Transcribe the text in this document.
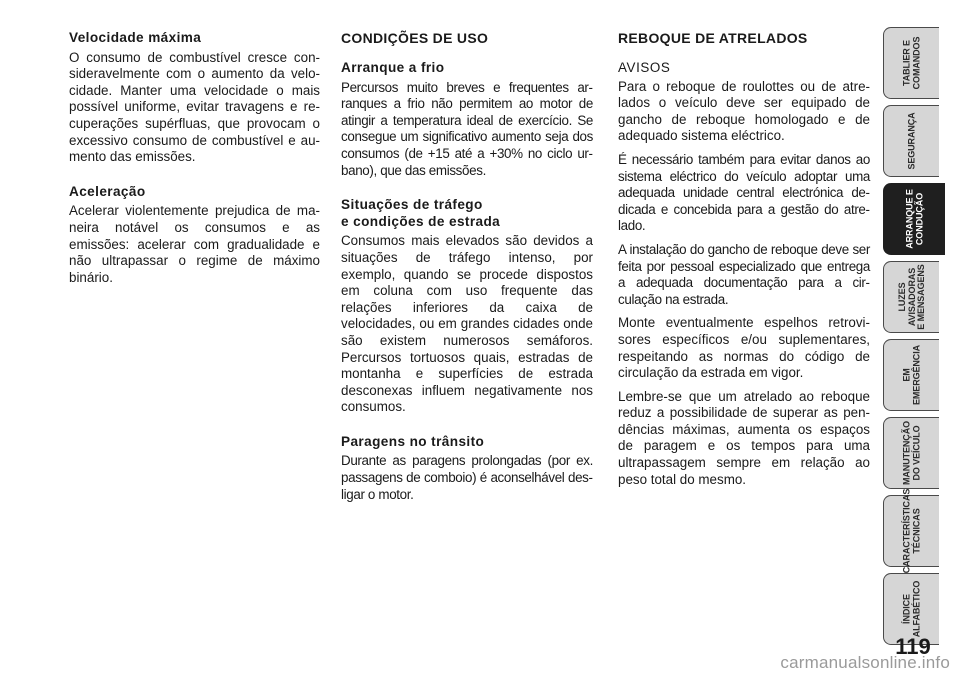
Velocidade máxima

O consumo de combustível cresce consideravelmente com o aumento da velocidade. Manter uma velocidade o mais possível uniforme, evitar travagens e recuperações supérfluas, que provocam o excessivo consumo de combustível e aumento das emissões.

Aceleração

Acelerar violentemente prejudica de maneira notável os consumos e as emissões: acelerar com gradualidade e não ultrapassar o regime de máximo binário.

CONDIÇÕES DE USO
Arranque a frio

Percursos muito breves e frequentes arranques a frio não permitem ao motor de atingir a temperatura ideal de exercício. Se consegue um significativo aumento seja dos consumos (de +15 até a +30% no ciclo urbano), que das emissões.

Situações de tráfego
e condições de estrada

Consumos mais elevados são devidos a situações de tráfego intenso, por exemplo, quando se procede dispostos em coluna com uso frequente das relações inferiores da caixa de velocidades, ou em grandes cidades onde são existem numerosos semáforos. Percursos tortuosos quais, estradas de montanha e superfícies de estrada desconexas influem negativamente nos consumos.

Paragens no trânsito

Durante as paragens prolongadas (por ex. passagens de comboio) é aconselhável desligar o motor.

REBOQUE DE ATRELADOS

AVISOS

Para o reboque de roulottes ou de atrelados o veículo deve ser equipado de gancho de reboque homologado e de adequado sistema eléctrico.

É necessário também para evitar danos ao sistema eléctrico do veículo adoptar uma adequada unidade central electrónica dedicada e concebida para a gestão do atrelado.

A instalação do gancho de reboque deve ser feita por pessoal especializado que entrega a adequada documentação para a circulação na estrada.

Monte eventualmente espelhos retrovisores específicos e/ou suplementares, respeitando as normas do código de circulação da estrada em vigor.

Lembre-se que um atrelado ao reboque reduz a possibilidade de superar as pendências máximas, aumenta os espaços de paragem e os tempos para uma ultrapassagem sempre em relação ao peso total do mesmo.

TABLIER E
COMANDOS
SEGURANÇA
ARRANQUE E
CONDUÇÃO
LUZES
AVISADORAS
E MENSAGENS
EM
EMERGÊNCIA
MANUTENÇÃO
DO VEÍCULO
CARACTERÍSTICAS
TÉCNICAS
ÍNDICE
ALFABÉTICO
119
carmanualsonline.info
